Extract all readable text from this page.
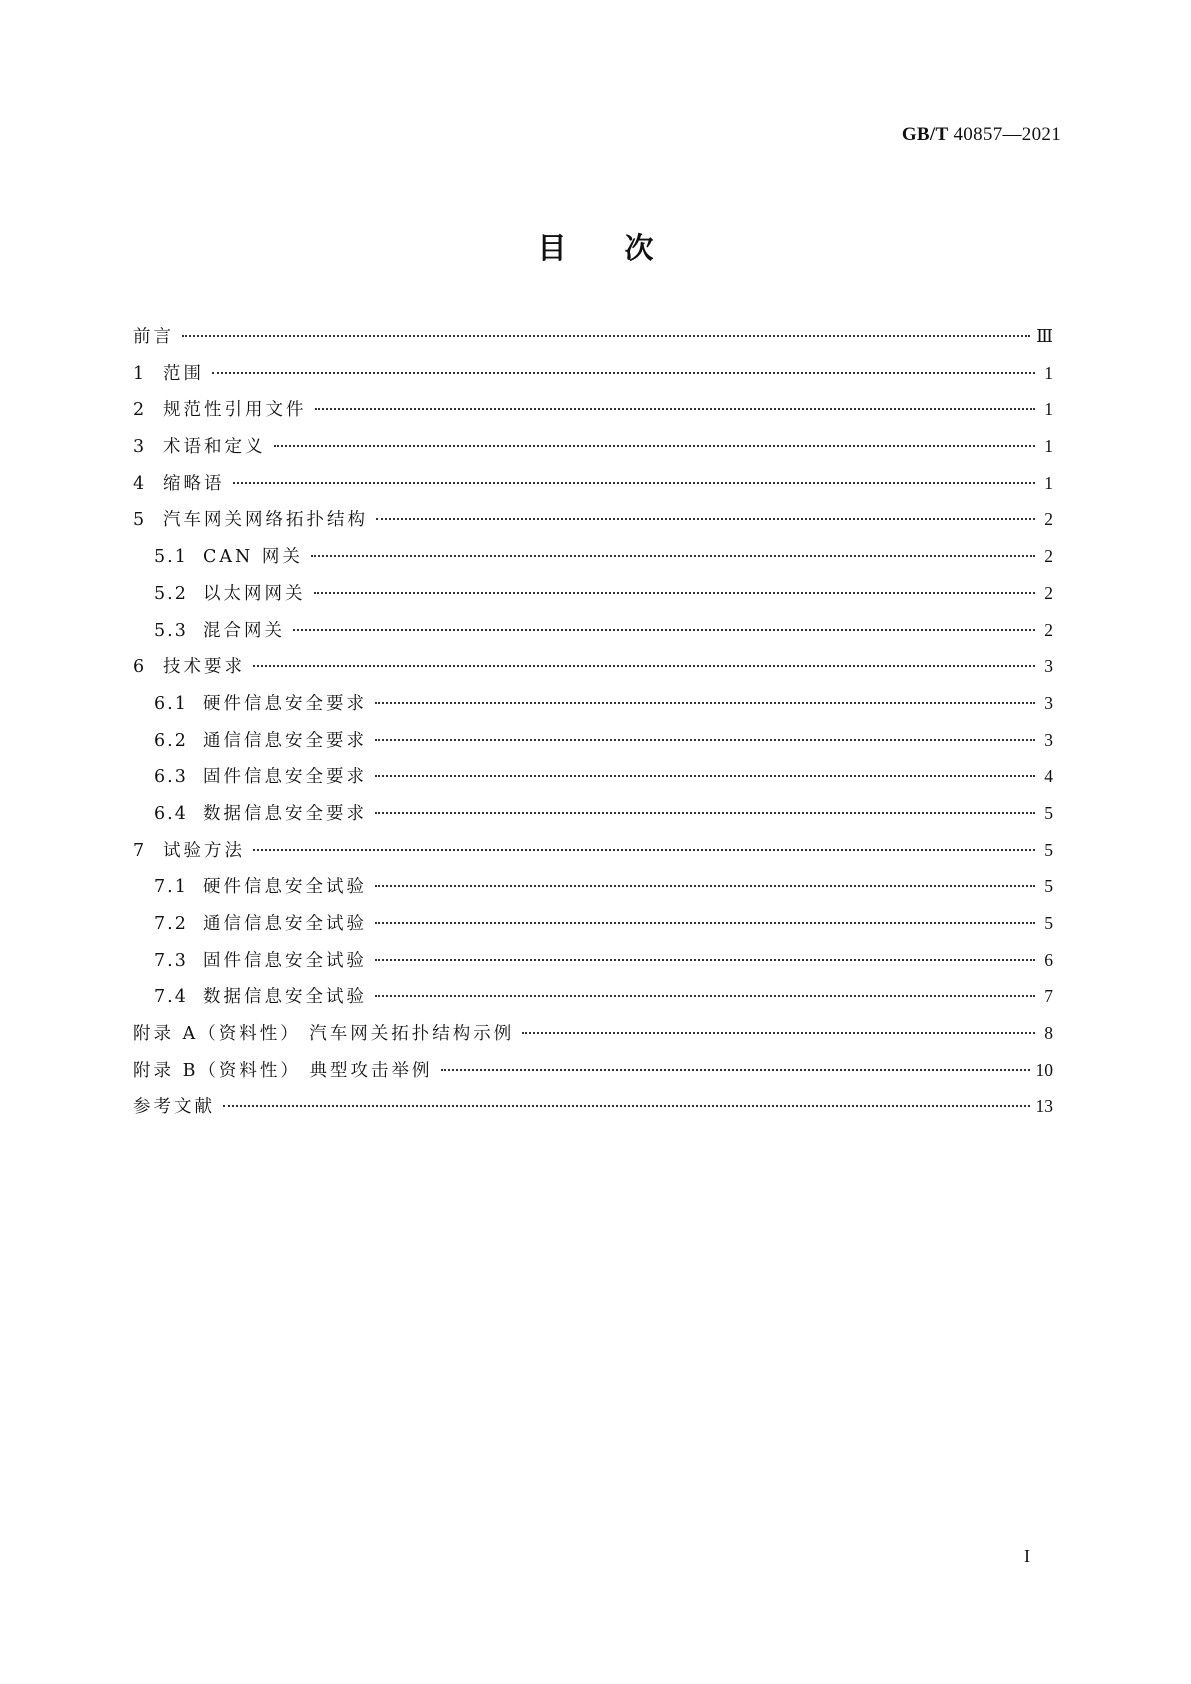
GB/T 40857—2021
目次
前言	Ⅲ
1 范围	1
2 规范性引用文件	1
3 术语和定义	1
4 缩略语	1
5 汽车网关网络拓扑结构	2
5.1 CAN 网关	2
5.2 以太网网关	2
5.3 混合网关	2
6 技术要求	3
6.1 硬件信息安全要求	3
6.2 通信信息安全要求	3
6.3 固件信息安全要求	4
6.4 数据信息安全要求	5
7 试验方法	5
7.1 硬件信息安全试验	5
7.2 通信信息安全试验	5
7.3 固件信息安全试验	6
7.4 数据信息安全试验	7
附录 A（资料性） 汽车网关拓扑结构示例	8
附录 B（资料性） 典型攻击举例	10
参考文献	13
I
